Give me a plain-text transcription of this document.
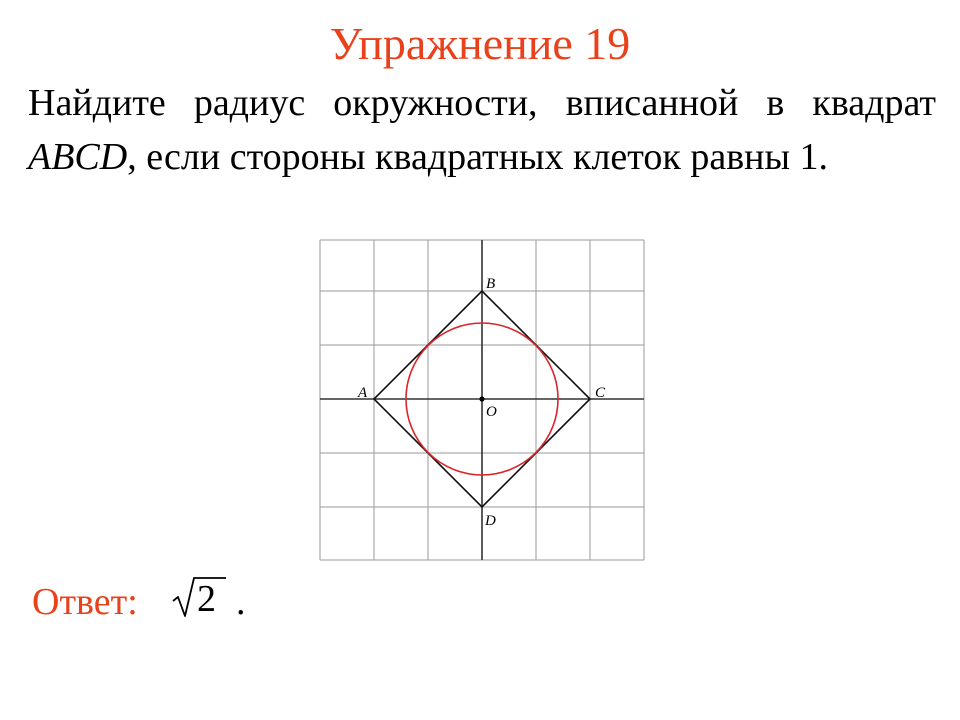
Упражнение 19
Найдите радиус окружности, вписанной в квадрат ABCD, если стороны квадратных клеток равны 1.
A
B
C
D
O
Ответ: 2 .
